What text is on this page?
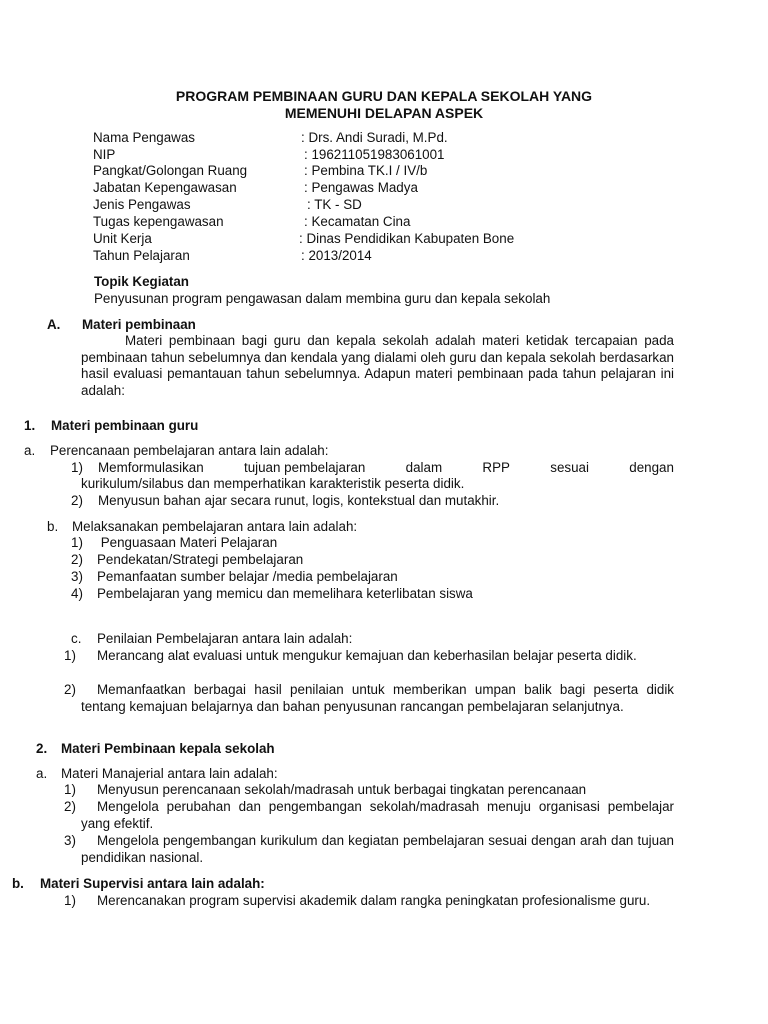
PROGRAM PEMBINAAN GURU DAN KEPALA SEKOLAH YANG
MEMENUHI DELAPAN ASPEK
Nama Pengawas	: Drs. Andi Suradi, M.Pd.
NIP	: 196211051983061001
Pangkat/Golongan Ruang	: Pembina TK.I / IV/b
Jabatan Kepengawasan	: Pengawas Madya
Jenis Pengawas	: TK - SD
Tugas kepengawasan	: Kecamatan Cina
Unit Kerja	: Dinas Pendidikan Kabupaten Bone
Tahun Pelajaran	: 2013/2014
Topik Kegiatan
Penyusunan program pengawasan dalam membina guru dan kepala sekolah
A. Materi pembinaan
Materi pembinaan bagi guru dan kepala sekolah adalah materi ketidak tercapaian pada pembinaan tahun sebelumnya dan kendala yang dialami oleh guru dan kepala sekolah berdasarkan hasil evaluasi pemantauan tahun sebelumnya. Adapun materi pembinaan pada tahun pelajaran ini adalah:
1. Materi pembinaan guru
a. Perencanaan pembelajaran antara lain adalah:
1) Memformulasikan	tujuan pembelajaran	dalam	RPP	sesuai	dengan
kurikulum/silabus dan memperhatikan karakteristik peserta didik.
2) Menyusun bahan ajar secara runut, logis, kontekstual dan mutakhir.
b. Melaksanakan pembelajaran antara lain adalah:
1) Penguasaan Materi Pelajaran
2) Pendekatan/Strategi pembelajaran
3) Pemanfaatan sumber belajar /media pembelajaran
4) Pembelajaran yang memicu dan memelihara keterlibatan siswa
c. Penilaian Pembelajaran antara lain adalah:
1)	Merancang alat evaluasi untuk mengukur kemajuan dan keberhasilan belajar peserta didik.
2)	Memanfaatkan berbagai hasil penilaian untuk memberikan umpan balik bagi peserta didik tentang kemajuan belajarnya dan bahan penyusunan rancangan pembelajaran selanjutnya.
2. Materi Pembinaan kepala sekolah
a. Materi Manajerial antara lain adalah:
1) Menyusun perencanaan sekolah/madrasah untuk berbagai tingkatan perencanaan
2)	Mengelola perubahan dan pengembangan sekolah/madrasah menuju organisasi pembelajar yang efektif.
3)	Mengelola pengembangan kurikulum dan kegiatan pembelajaran sesuai dengan arah dan tujuan pendidikan nasional.
b. Materi Supervisi antara lain adalah:
1)	Merencanakan program supervisi akademik dalam rangka peningkatan profesionalisme guru.
